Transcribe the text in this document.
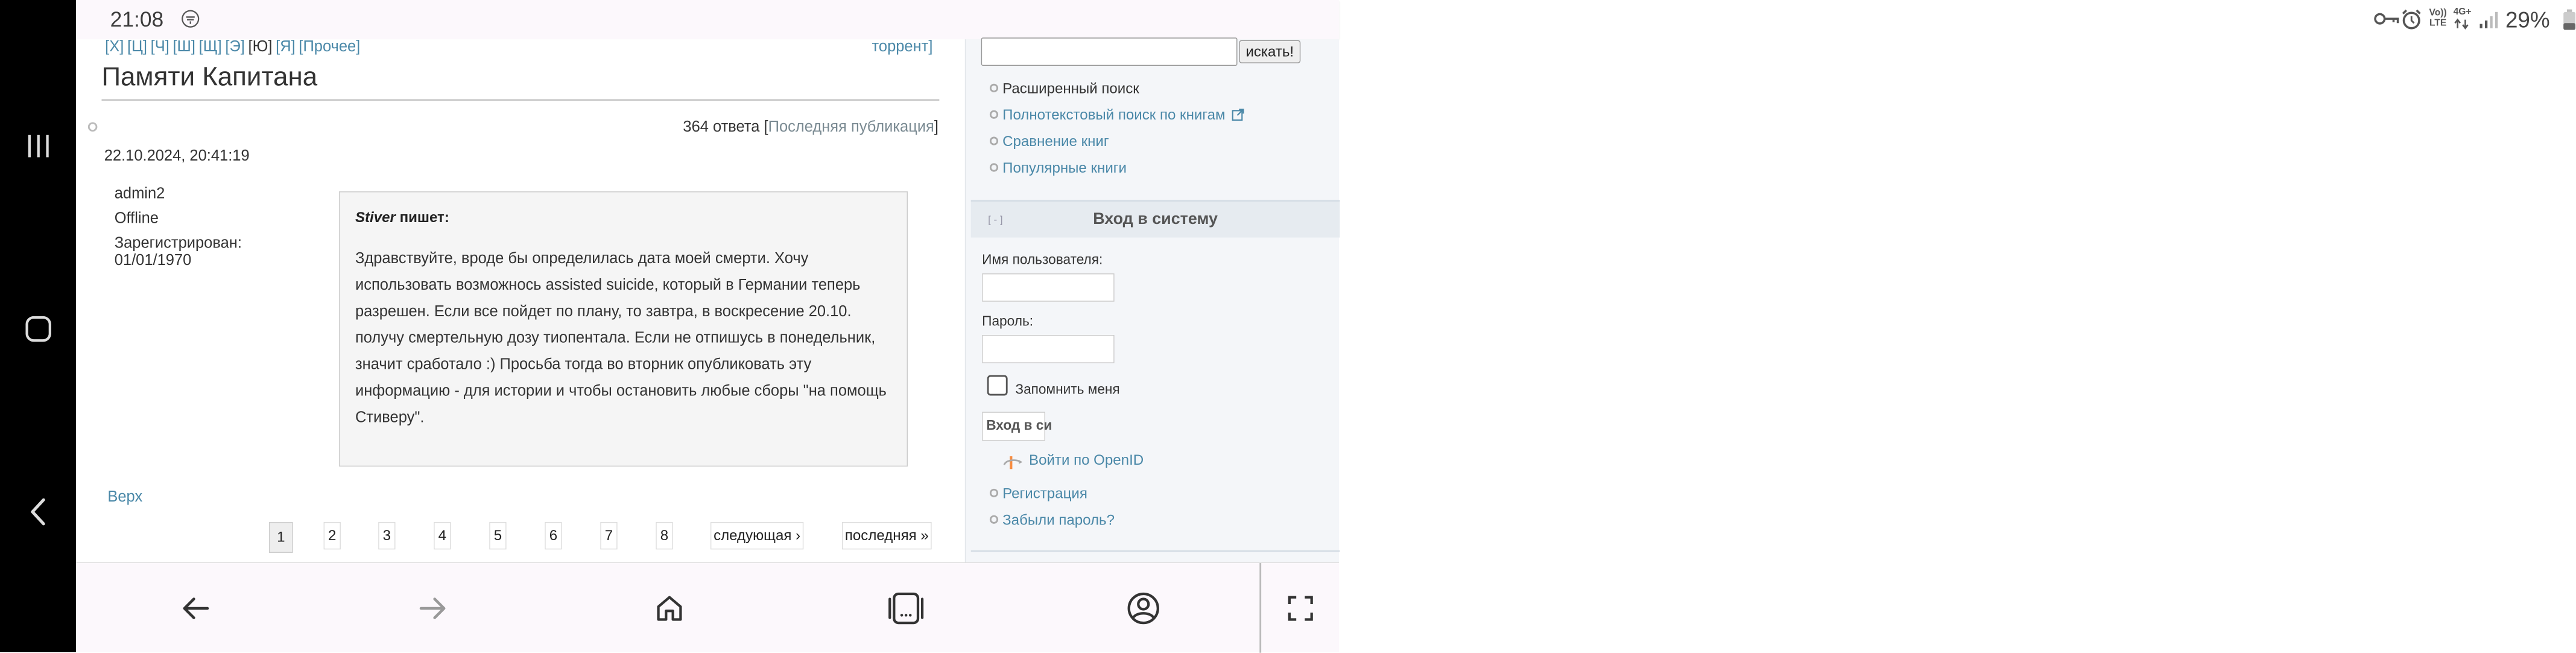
21:08	Vo)) LTE
4G+ 29%
[Х] [Ц] [Ч] [Ш] [Щ] [Э] [Ю] [Я] [Прочее]	торрент]
Памяти Капитана
364 ответа [Последняя публикация]
22.10.2024, 20:41:19
admin2
Offline
Зарегистрирован:
01/01/1970
Stiver пишет:
Здравствуйте, вроде бы определилась дата моей смерти. Хочу использовать возможнось assisted suicide, который в Германии теперь разрешен. Если все пойдет по плану, то завтра, в воскресение 20.10. получу смертельную дозу тиопентала. Если не отпишусь в понедельник, значит сработало :) Просьба тогда во вторник опубликовать эту информацию - для истории и чтобы остановить любые сборы "на помощь Стиверу".
Верх
1	2	3	4	5	6	7	8	следующая ›	последняя »
искать!
Расширенный поиск
Полнотекстовый поиск по книгам
Сравнение книг
Популярные книги
[ - ]	Вход в систему
Имя пользователя:
Пароль:
Запомнить меня
Вход в си
Войти по OpenID
Регистрация
Забыли пароль?
